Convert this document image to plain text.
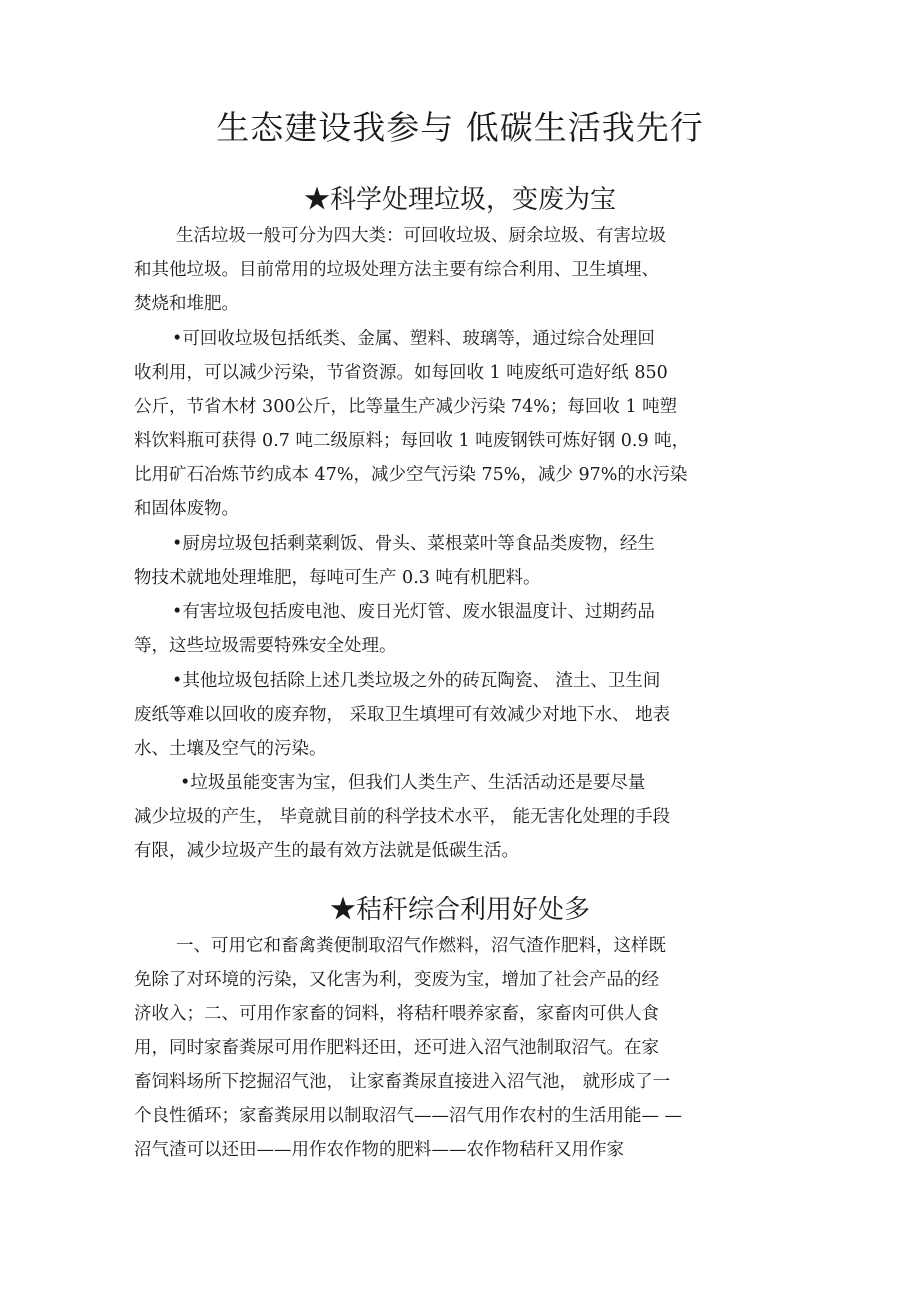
生态建设我参与 低碳生活我先行
★科学处理垃圾，变废为宝

生活垃圾一般可分为四大类：可回收垃圾、厨余垃圾、有害垃圾

和其他垃圾。目前常用的垃圾处理方法主要有综合利用、卫生填埋、

焚烧和堆肥。

•可回收垃圾包括纸类、金属、塑料、玻璃等，通过综合处理回

收利用，可以减少污染，节省资源。如每回收 1 吨废纸可造好纸 850

公斤，节省木材 300公斤，比等量生产减少污染 74%；每回收 1 吨塑

料饮料瓶可获得 0.7 吨二级原料；每回收 1 吨废钢铁可炼好钢 0.9 吨，

比用矿石冶炼节约成本 47%，减少空气污染 75%，减少 97%的水污染

和固体废物。

•厨房垃圾包括剩菜剩饭、骨头、菜根菜叶等食品类废物，经生

物技术就地处理堆肥，每吨可生产 0.3 吨有机肥料。

•有害垃圾包括废电池、废日光灯管、废水银温度计、过期药品

等，这些垃圾需要特殊安全处理。

•其他垃圾包括除上述几类垃圾之外的砖瓦陶瓷、 渣土、卫生间

废纸等难以回收的废弃物， 采取卫生填埋可有效减少对地下水、 地表

水、土壤及空气的污染。

•垃圾虽能变害为宝，但我们人类生产、生活活动还是要尽量

减少垃圾的产生， 毕竟就目前的科学技术水平， 能无害化处理的手段

有限，减少垃圾产生的最有效方法就是低碳生活。

★秸秆综合利用好处多

一、可用它和畜禽粪便制取沼气作燃料，沼气渣作肥料，这样既

免除了对环境的污染，又化害为利，变废为宝，增加了社会产品的经

济收入；二、可用作家畜的饲料，将秸秆喂养家畜，家畜肉可供人食

用，同时家畜粪尿可用作肥料还田，还可进入沼气池制取沼气。在家

畜饲料场所下挖掘沼气池， 让家畜粪尿直接进入沼气池， 就形成了一

个良性循环；家畜粪尿用以制取沼气——沼气用作农村的生活用能— —

沼气渣可以还田——用作农作物的肥料——农作物秸秆又用作家
